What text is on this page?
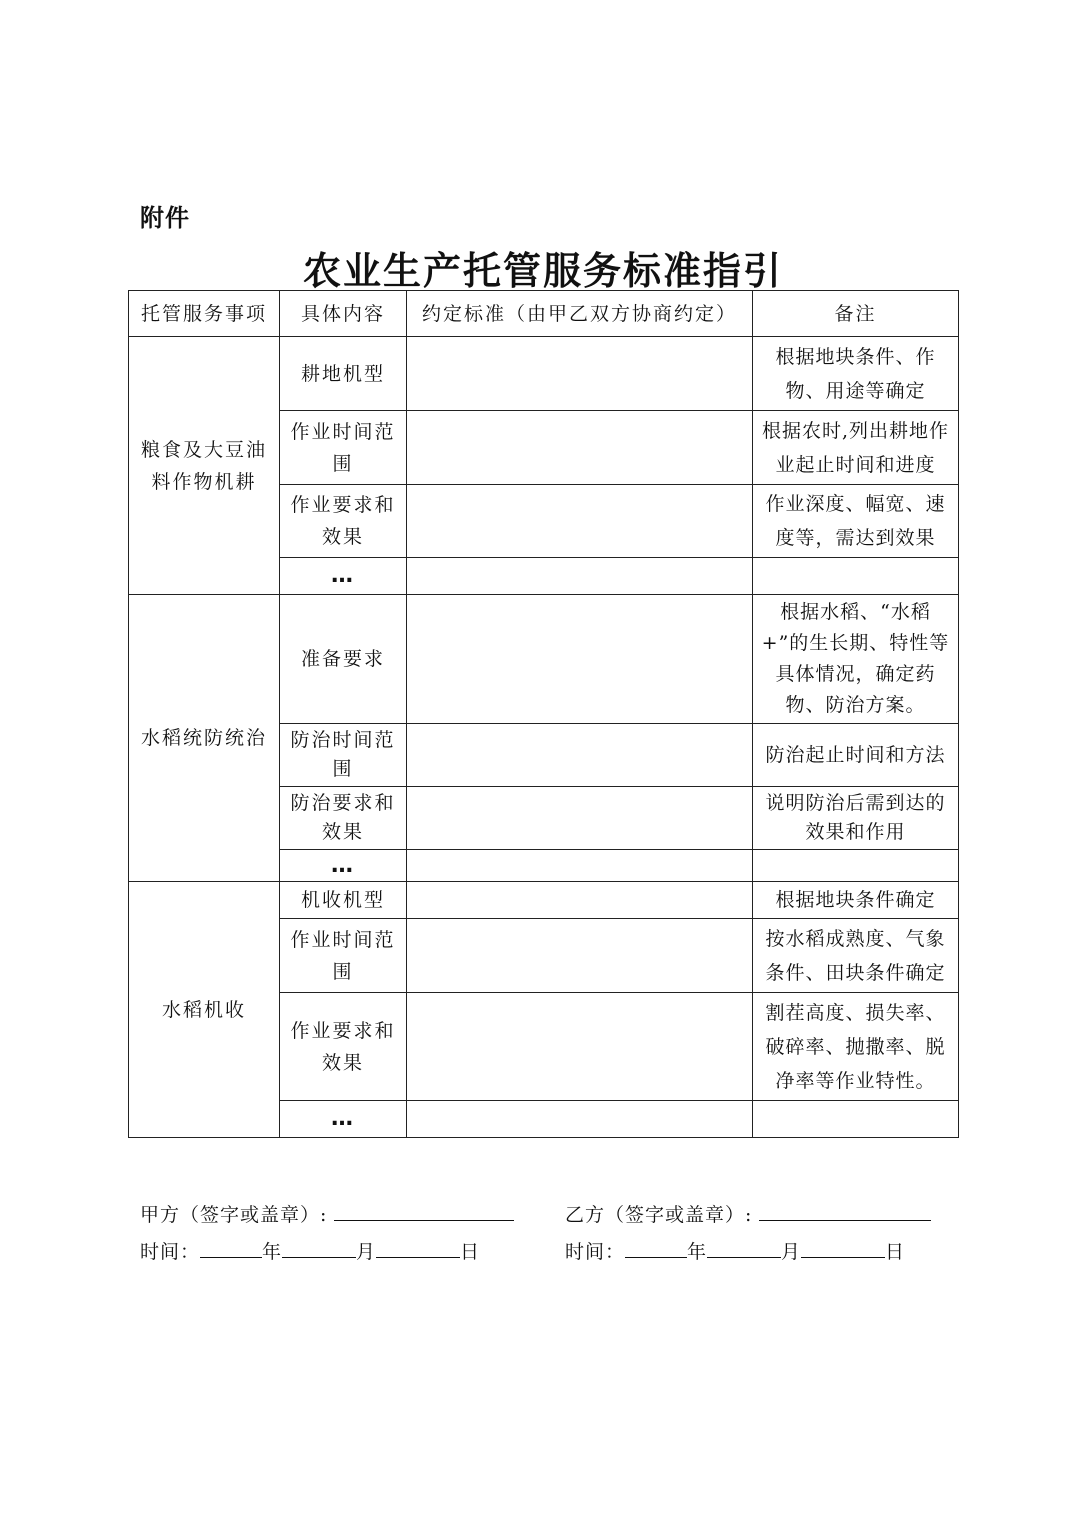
附件
农业生产托管服务标准指引
托管服务事项	具体内容	约定标准（由甲乙双方协商约定）	备注
粮食及大豆油料作物机耕	耕地机型		根据地块条件、作物、用途等确定
	作业时间范围		根据农时,列出耕地作业起止时间和进度
	作业要求和效果		作业深度、幅宽、速度等，需达到效果
	…		
水稻统防统治	准备要求		根据水稻、“水稻+”的生长期、特性等具体情况，确定药物、防治方案。
	防治时间范围		防治起止时间和方法
	防治要求和效果		说明防治后需到达的效果和作用
	…		
水稻机收	机收机型		根据地块条件确定
	作业时间范围		按水稻成熟度、气象条件、田块条件确定
	作业要求和效果		割茬高度、损失率、破碎率、抛撒率、脱净率等作业特性。
	…		
甲方（签字或盖章）:	乙方（签字或盖章）:
时间：	年	月	日	时间：	年	月	日
